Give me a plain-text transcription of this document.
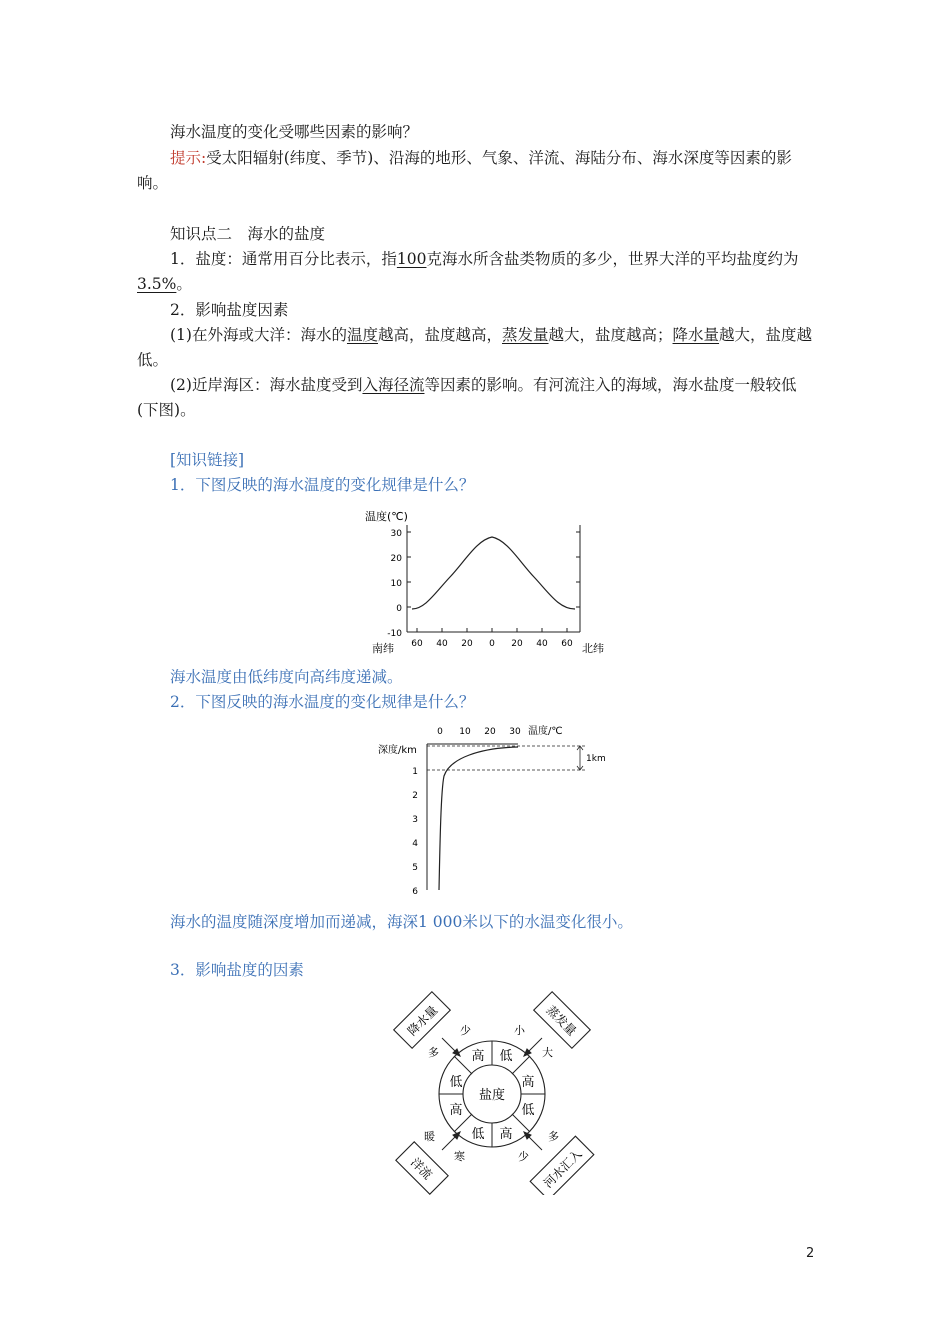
海水温度的变化受哪些因素的影响？

提示:受太阳辐射(纬度、季节)、沿海的地形、气象、洋流、海陆分布、海水深度等因素的影响。

知识点二　海水的盐度

1．盐度：通常用百分比表示，指100克海水所含盐类物质的多少，世界大洋的平均盐度约为3.5%。

2．影响盐度因素

(1)在外海或大洋：海水的温度越高，盐度越高，蒸发量越大，盐度越高；降水量越大，盐度越低。

(2)近岸海区：海水盐度受到入海径流等因素的影响。有河流注入的海域，海水盐度一般较低(下图)。

[知识链接]

1．下图反映的海水温度的变化规律是什么？

温度(℃)
30
20
10
0
-10
60 40 20 0 20 40 60
南纬	北纬

海水温度由低纬度向高纬度递减。

2．下图反映的海水温度的变化规律是什么？

0 10 20 30 温度/℃
深度/km
1
2
3
4
5
6
1km

海水的温度随深度增加而递减，海深1 000米以下的水温变化很小。

3．影响盐度的因素

盐度
高 低
高
低
高
低
高
低
降水量	蒸发量
洋流	河水汇入
少
多
小
大
暖
寒
多
少
2
